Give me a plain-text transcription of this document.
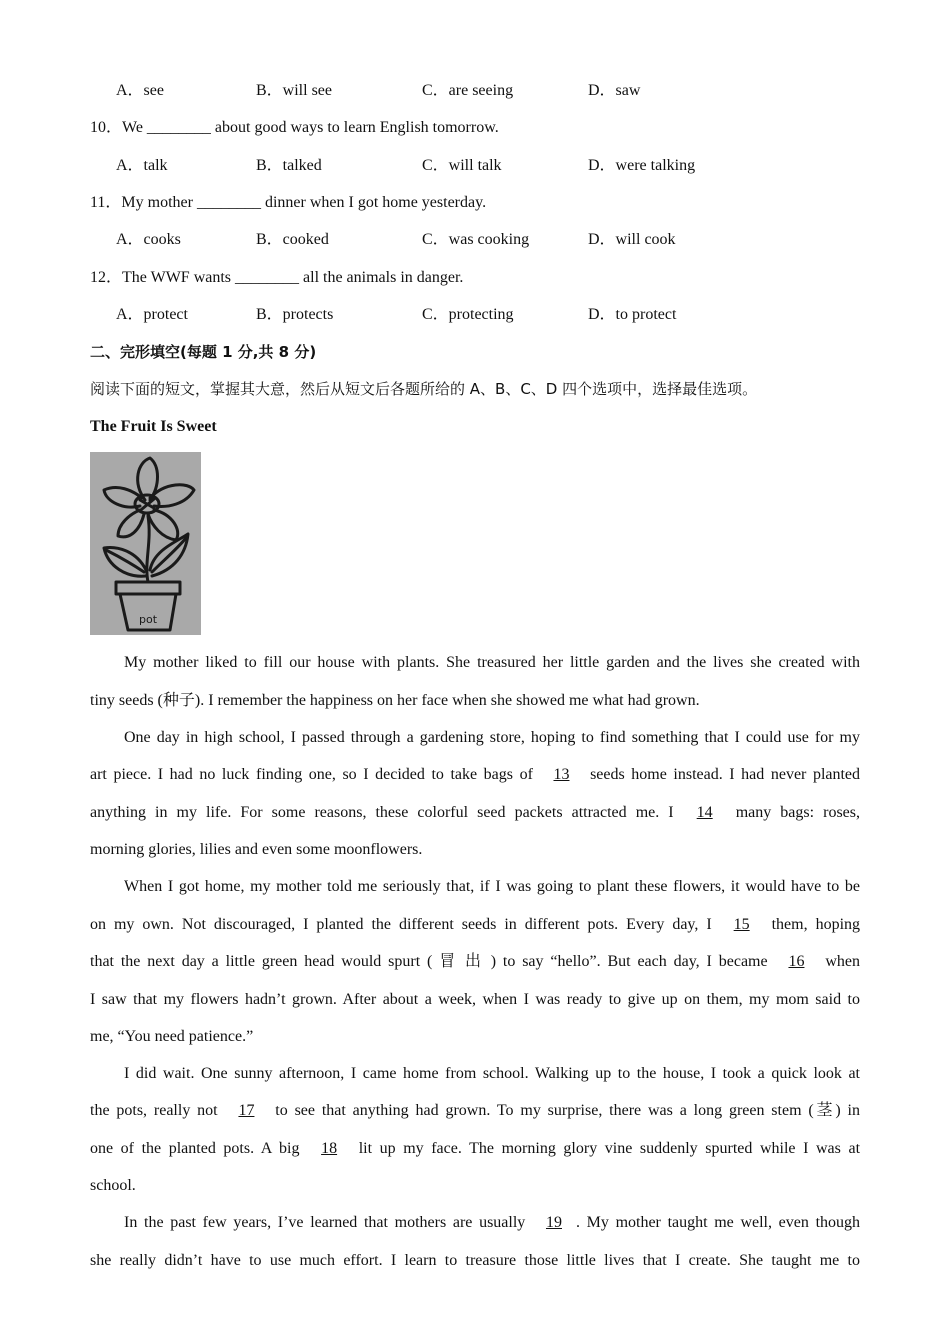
A．see	B．will see	C．are seeing	D．saw
10．We ________ about good ways to learn English tomorrow.
A．talk	B．talked	C．will talk	D．were talking
11．My mother ________ dinner when I got home yesterday.
A．cooks	B．cooked	C．was cooking	D．will cook
12．The WWF wants ________ all the animals in danger.
A．protect	B．protects	C．protecting	D．to protect
二、完形填空(每题 1 分,共 8 分)
阅读下面的短文，掌握其大意，然后从短文后各题所给的 A、B、C、D 四个选项中，选择最佳选项。
The Fruit Is Sweet
pot
My mother liked to fill our house with plants. She treasured her little garden and the lives she created with
tiny seeds (种子). I remember the happiness on her face when she showed me what had grown.
One day in high school, I passed through a gardening store, hoping to find something that I could use for my
art piece. I had no luck finding one, so I decided to take bags of 13 seeds home instead. I had never planted
anything in my life. For some reasons, these colorful seed packets attracted me. I 14 many bags: roses,
morning glories, lilies and even some moonflowers.
When I got home, my mother told me seriously that, if I was going to plant these flowers, it would have to be
on my own. Not discouraged, I planted the different seeds in different pots. Every day, I 15 them, hoping
that the next day a little green head would spurt ( 冒 出 ) to say “hello”. But each day, I became 16 when
I saw that my flowers hadn’t grown. After about a week, when I was ready to give up on them, my mom said to
me, “You need patience.”
I did wait. One sunny afternoon, I came home from school. Walking up to the house, I took a quick look at
the pots, really not 17 to see that anything had grown. To my surprise, there was a long green stem (茎) in
one of the planted pots. A big 18 lit up my face. The morning glory vine suddenly spurted while I was at
school.
In the past few years, I’ve learned that mothers are usually 19 . My mother taught me well, even though
she really didn’t have to use much effort. I learn to treasure those little lives that I create. She taught me to
